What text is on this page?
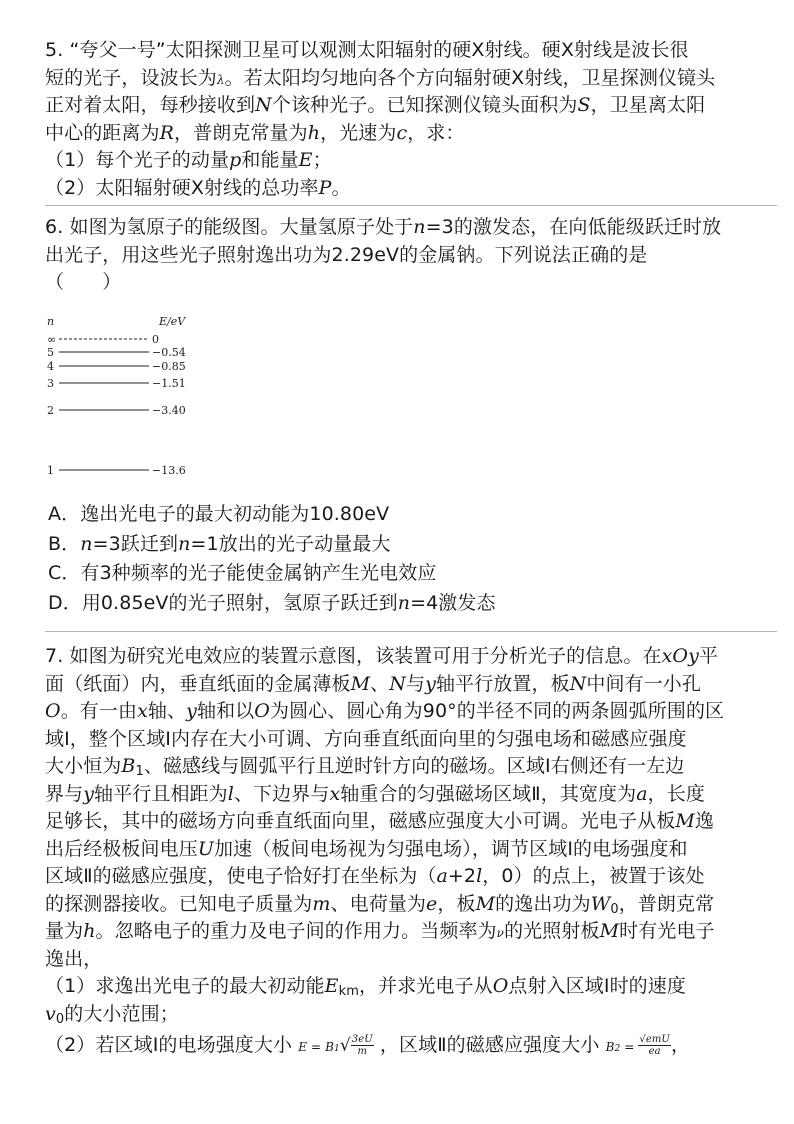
5. “夸父一号”太阳探测卫星可以观测太阳辐射的硬X射线。硬X射线是波长很
短的光子，设波长为λ。若太阳均匀地向各个方向辐射硬X射线，卫星探测仪镜头
正对着太阳，每秒接收到N个该种光子。已知探测仪镜头面积为S，卫星离太阳
中心的距离为R，普朗克常量为h，光速为c，求：
（1）每个光子的动量p和能量E；
（2）太阳辐射硬X射线的总功率P。
6. 如图为氢原子的能级图。大量氢原子处于n=3的激发态，在向低能级跃迁时放
出光子，用这些光子照射逸出功为2.29eV的金属钠。下列说法正确的是
（　　）
n	E/eV
∞	0
5	−0.54
4	−0.85
3	−1.51
2	−3.40
1	−13.6
A．逸出光电子的最大初动能为10.80eV
B．n=3跃迁到n=1放出的光子动量最大
C．有3种频率的光子能使金属钠产生光电效应
D．用0.85eV的光子照射，氢原子跃迁到n=4激发态
7. 如图为研究光电效应的装置示意图，该装置可用于分析光子的信息。在xOy平
面（纸面）内，垂直纸面的金属薄板M、N与y轴平行放置，板N中间有一小孔
O。有一由x轴、y轴和以O为圆心、圆心角为90°的半径不同的两条圆弧所围的区
域Ⅰ，整个区域Ⅰ内存在大小可调、方向垂直纸面向里的匀强电场和磁感应强度
大小恒为$B_1$、磁感线与圆弧平行且逆时针方向的磁场。区域Ⅰ右侧还有一左边
界与y轴平行且相距为l、下边界与x轴重合的匀强磁场区域Ⅱ，其宽度为a，长度
足够长，其中的磁场方向垂直纸面向里，磁感应强度大小可调。光电子从板M逸
出后经极板间电压U加速（板间电场视为匀强电场），调节区域Ⅰ的电场强度和
区域Ⅱ的磁感应强度，使电子恰好打在坐标为（a+2l，0）的点上，被置于该处
的探测器接收。已知电子质量为m、电荷量为e，板M的逸出功为$W_0$，普朗克常
量为h。忽略电子的重力及电子间的作用力。当频率为ν的光照射板M时有光电子
逸出，
（1）求逸出光电子的最大初动能$E_{km}$，并求光电子从O点射入区域Ⅰ时的速度
$v_0$的大小范围；
（2）若区域Ⅰ的电场强度大小 $E = B1√ \frac{3eU}{m}$ ，区域Ⅱ的磁感应强度大小 $B2 = \frac{\text{√emU}}{ea}$ ，
